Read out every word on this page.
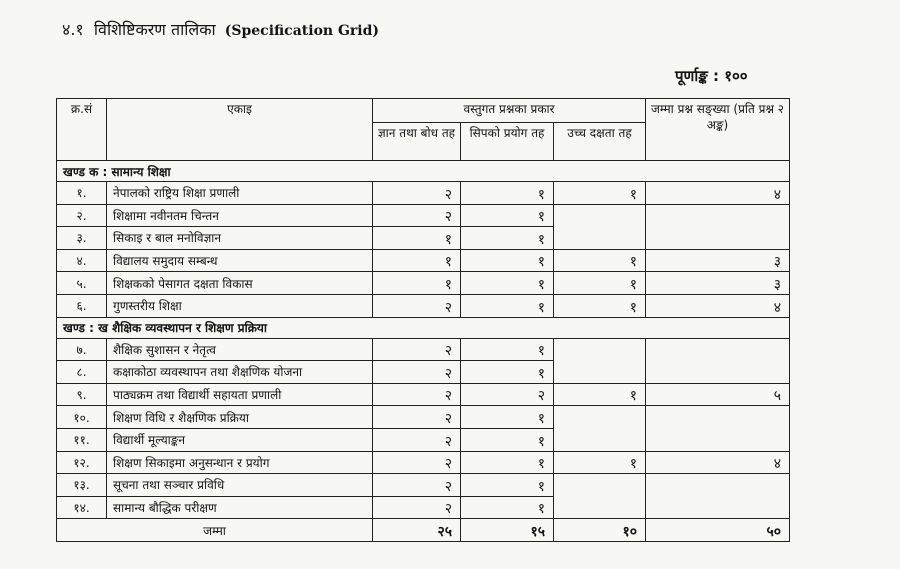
४.१ विशिष्टिकरण तालिका (Specification Grid)
पूर्णाङ्क : १००
क्र.सं	एकाइ	वस्तुगत प्रश्नका प्रकार			जम्मा प्रश्न सङ्ख्या (प्रति प्रश्न २ अङ्क)
		ज्ञान तथा बोध तह	सिपको प्रयोग तह	उच्च दक्षता तह	
खण्ड क : सामान्य शिक्षा					
१.	नेपालको राष्ट्रिय शिक्षा प्रणाली	२	१	१	४
२.	शिक्षामा नवीनतम चिन्तन	२	१		
३.	सिकाइ र बाल मनोविज्ञान	१	१		
४.	विद्यालय समुदाय सम्बन्ध	१	१	१	३
५.	शिक्षकको पेसागत दक्षता विकास	१	१	१	३
६.	गुणस्तरीय शिक्षा	२	१	१	४
खण्ड : ख शैक्षिक व्यवस्थापन र शिक्षण प्रक्रिया					
७.	शैक्षिक सुशासन र नेतृत्व	२	१		
८.	कक्षाकोठा व्यवस्थापन तथा शैक्षणिक योजना	२	१		
९.	पाठ्यक्रम तथा विद्यार्थी सहायता प्रणाली	२	२	१	५
१०.	शिक्षण विधि र शैक्षणिक प्रक्रिया	२	१		
११.	विद्यार्थी मूल्याङ्कन	२	१		
१२.	शिक्षण सिकाइमा अनुसन्धान र प्रयोग	२	१	१	४
१३.	सूचना तथा सञ्चार प्रविधि	२	१		
१४.	सामान्य बौद्धिक परीक्षण	२	१		
जम्मा		२५	१५	१०	५०
